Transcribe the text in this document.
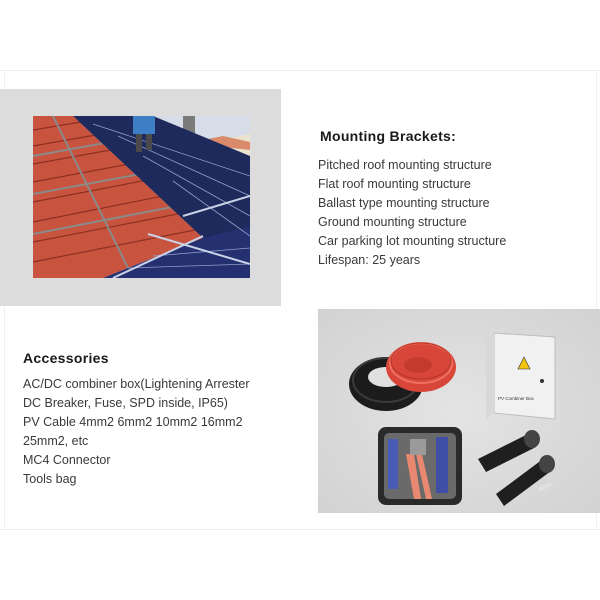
Mounting Brackets:
Pitched roof mounting structure
Flat roof mounting structure
Ballast type mounting structure
Ground mounting structure
Car parking lot mounting structure
Lifespan: 25 years
Accessories
AC/DC combiner box(Lightening Arrester
DC Breaker, Fuse, SPD inside, IP65)
PV Cable 4mm2 6mm2 10mm2 16mm2
25mm2, etc
MC4 Connector
Tools bag
PV Combiner Box
